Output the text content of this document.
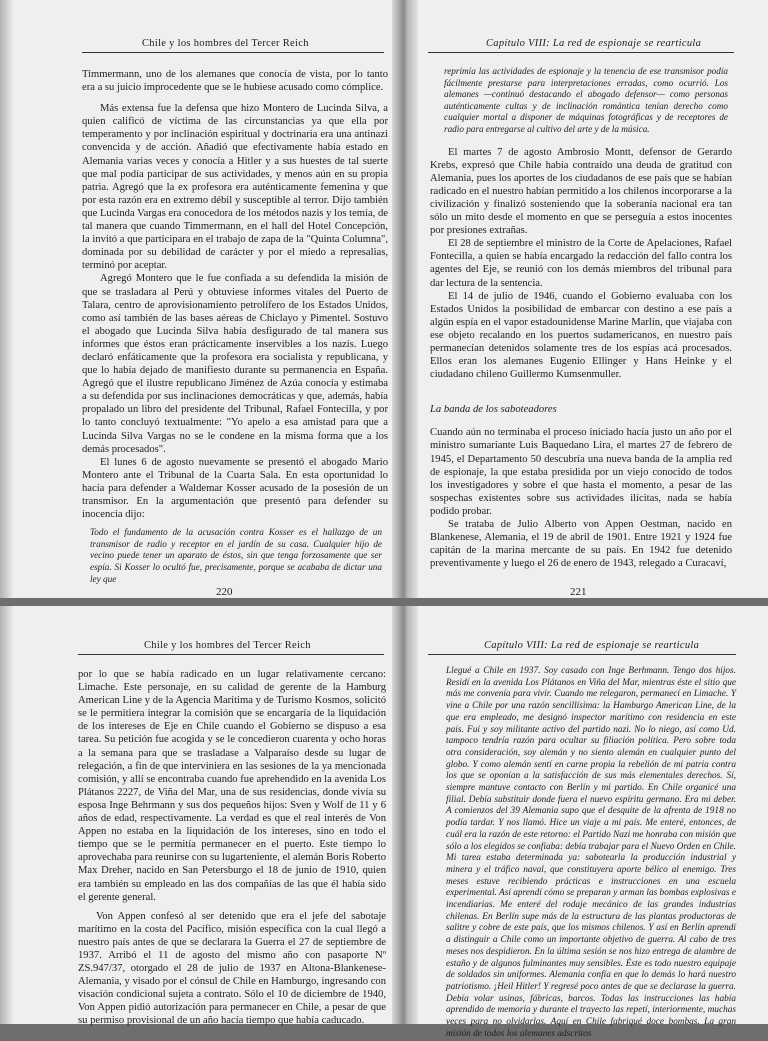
Chile y los hombres del Tercer Reich

Timmermann, uno de los alemanes que conocía de vista, por lo tanto era a su juicio improcedente que se le hubiese acusado como cómplice.

Más extensa fue la defensa que hizo Montero de Lucinda Silva, a quien calificó de víctima de las circunstancias ya que ella por temperamento y por inclinación espiritual y doctrinaria era una antinazi convencida y de acción. Añadió que efectivamente había estado en Alemania varias veces y conocía a Hitler y a sus huestes de tal suerte que mal podía participar de sus actividades, y menos aún en su propia patria. Agregó que la ex profesora era auténticamente femenina y que por esta razón era en extremo débil y susceptible al terror. Dijo también que Lucinda Vargas era conocedora de los métodos nazis y los temía, de tal manera que cuando Timmermann, en el hall del Hotel Concepción, la invitó a que participara en el trabajo de zapa de la "Quinta Columna", dominada por su debilidad de carácter y por el miedo a represalias, terminó por aceptar.

Agregó Montero que le fue confiada a su defendida la misión de que se trasladara al Perú y obtuviese informes vitales del Puerto de Talara, centro de aprovisionamiento petrolífero de los Estados Unidos, como así también de las bases aéreas de Chiclayo y Pimentel. Sostuvo el abogado que Lucinda Silva había desfigurado de tal manera sus informes que éstos eran prácticamente inservibles a los nazis. Luego declaró enfáticamente que la profesora era socialista y republicana, y que lo había dejado de manifiesto durante su permanencia en España. Agregó que el ilustre republicano Jiménez de Azúa conocía y estimaba a su defendida por sus inclinaciones democráticas y que, además, había propalado un libro del presidente del Tribunal, Rafael Fontecilla, y por lo tanto concluyó textualmente: "Yo apelo a esa amistad para que a Lucinda Silva Vargas no se le condene en la misma forma que a los demás procesados".

El lunes 6 de agosto nuevamente se presentó el abogado Mario Montero ante el Tribunal de la Cuarta Sala. En esta oportunidad lo hacía para defender a Waldemar Kosser acusado de la posesión de un transmisor. En la argumentación que presentó para defender su inocencia dijo:

Todo el fundamento de la acusación contra Kosser es el hallazgo de un transmisor de radio y receptor en el jardín de su casa. Cualquier hijo de vecino puede tener un aparato de éstos, sin que tenga forzosamente que ser espía. Si Kosser lo ocultó fue, precisamente, porque se acababa de dictar una ley que

220
Capítulo VIII: La red de espionaje se rearticula

reprimía las actividades de espionaje y la tenencia de ese transmisor podía fácilmente prestarse para interpretaciones erradas, como ocurrió. Los alemanes —continuó destacando el abogado defensor— como personas auténticamente cultas y de inclinación romántica tenían derecho como cualquier mortal a disponer de máquinas fotográficas y de receptores de radio para entregarse al cultivo del arte y de la música.

El martes 7 de agosto Ambrosio Montt, defensor de Gerardo Krebs, expresó que Chile había contraído una deuda de gratitud con Alemania, pues los aportes de los ciudadanos de ese país que se habían radicado en el nuestro habían permitido a los chilenos incorporarse a la civilización y finalizó sosteniendo que la soberanía nacional era tan sólo un mito desde el momento en que se perseguía a estos inocentes por presiones extrañas.

El 28 de septiembre el ministro de la Corte de Apelaciones, Rafael Fontecilla, a quien se había encargado la redacción del fallo contra los agentes del Eje, se reunió con los demás miembros del tribunal para dar lectura de la sentencia.

El 14 de julio de 1946, cuando el Gobierno evaluaba con los Estados Unidos la posibilidad de embarcar con destino a ese país a algún espía en el vapor estadounidense Marine Marlin, que viajaba con ese objeto recalando en los puertos sudamericanos, en nuestro país permanecían detenidos solamente tres de los espías acá procesados. Ellos eran los alemanes Eugenio Ellinger y Hans Heinke y el ciudadano chileno Guillermo Kumsenmuller.

La banda de los saboteadores

Cuando aún no terminaba el proceso iniciado hacía justo un año por el ministro sumariante Luis Baquedano Lira, el martes 27 de febrero de 1945, el Departamento 50 descubría una nueva banda de la amplia red de espionaje, la que estaba presidida por un viejo conocido de todos los investigadores y sobre el que hasta el momento, a pesar de las sospechas existentes sobre sus actividades ilícitas, nada se había podido probar.

Se trataba de Julio Alberto von Appen Oestman, nacido en Blankenese, Alemania, el 19 de abril de 1901. Entre 1921 y 1924 fue capitán de la marina mercante de su país. En 1942 fue detenido preventivamente y luego el 26 de enero de 1943, relegado a Curacaví,

221
Chile y los hombres del Tercer Reich

por lo que se había radicado en un lugar relativamente cercano: Limache. Este personaje, en su calidad de gerente de la Hamburg American Line y de la Agencia Marítima y de Turismo Kosmos, solicitó se le permitiera integrar la comisión que se encargaría de la liquidación de los intereses de Eje en Chile cuando el Gobierno se dispuso a esa tarea. Su petición fue acogida y se le concedieron cuarenta y ocho horas a la semana para que se trasladase a Valparaíso desde su lugar de relegación, a fin de que interviniera en las sesiones de la ya mencionada comisión, y allí se encontraba cuando fue aprehendido en la avenida Los Plátanos 2227, de Viña del Mar, una de sus residencias, donde vivía su esposa Inge Behrmann y sus dos pequeños hijos: Sven y Wolf de 11 y 6 años de edad, respectivamente. La verdad es que el real interés de Von Appen no estaba en la liquidación de los intereses, sino en todo el tiempo que se le permitía permanecer en el puerto. Este tiempo lo aprovechaba para reunirse con su lugarteniente, el alemán Boris Roberto Max Dreher, nacido en San Petersburgo el 18 de junio de 1910, quien era también su empleado en las dos compañías de las que él había sido el gerente general.

Von Appen confesó al ser detenido que era el jefe del sabotaje marítimo en la costa del Pacífico, misión específica con la cual llegó a nuestro país antes de que se declarara la Guerra el 27 de septiembre de 1937. Arribó el 11 de agosto del mismo año con pasaporte Nº ZS.947/37, otorgado el 28 de julio de 1937 en Altona-Blankenese-Alemania, y visado por el cónsul de Chile en Hamburgo, ingresando con visación condicional sujeta a contrato. Sólo el 10 de diciembre de 1940, Von Appen pidió autorización para permanecer en Chile, a pesar de que su permiso provisional de un año hacía tiempo que había caducado.

Capítulo VIII: La red de espionaje se rearticula

Llegué a Chile en 1937. Soy casado con Inge Berhmann. Tengo dos hijos. Residí en la avenida Los Plátanos en Viña del Mar, mientras éste el sitio que más me convenía para vivir. Cuando me relegaron, permanecí en Limache. Y vine a Chile por una razón sencillísima: la Hamburgo American Line, de la que era empleado, me designó inspector marítimo con residencia en este país. Fui y soy militante activo del partido nazi. No lo niego, así como Ud. tampoco tendría razón para ocultar su filiación política. Pero sobre toda otra consideración, soy alemán y no siento alemán en cualquier punto del globo. Y como alemán sentí en carne propia la rebelión de mi patria contra los que se oponían a la satisfacción de sus más elementales derechos. Sí, siempre mantuve contacto con Berlín y mi partido. En Chile organicé una filial. Debía substituir donde fuera el nuevo espíritu germano. Era mi deber. A comienzos del 39 Alemania supo que el desquite de la afrenta de 1918 no podía tardar. Y nos llamó. Hice un viaje a mi país. Me enteré, entonces, de cuál era la razón de este retorno: el Partido Nazi me honraba con misión que sólo a los elegidos se confiaba: debía trabajar para el Nuevo Orden en Chile. Mi tarea estaba determinada ya: sabotearla la producción industrial y minera y el tráfico naval, que constituyera aporte bélico al enemigo. Tres meses estuve recibiendo prácticas e instrucciones en una escuela experimental. Así aprendí cómo se preparan y arman las bombas explosivas e incendiarias. Me enteré del rodaje mecánico de las grandes industrias chilenas. En Berlín supe más de la estructura de las plantas productoras de salitre y cobre de este país, que los mismos chilenos. Y así en Berlín aprendí a distinguir a Chile como un importante objetivo de guerra. Al cabo de tres meses nos despidieron. En la última sesión se nos hizo entrega de alambre de estaño y de algunos fulminantes muy sensibles. Éste es todo nuestro equipaje de soldados sin uniformes. Alemania confía en que lo demás lo hará nuestro patriotismo. ¡Heil Hitler! Y regresé poco antes de que se declarase la guerra. Debía volar usinas, fábricas, barcos. Todas las instrucciones las había aprendido de memoria y durante el trayecto las repetí, interiormente, muchas veces para no olvidarlas. Aquí en Chile fabriqué doce bombas. La gran misión de todos los alemanes adscritos
